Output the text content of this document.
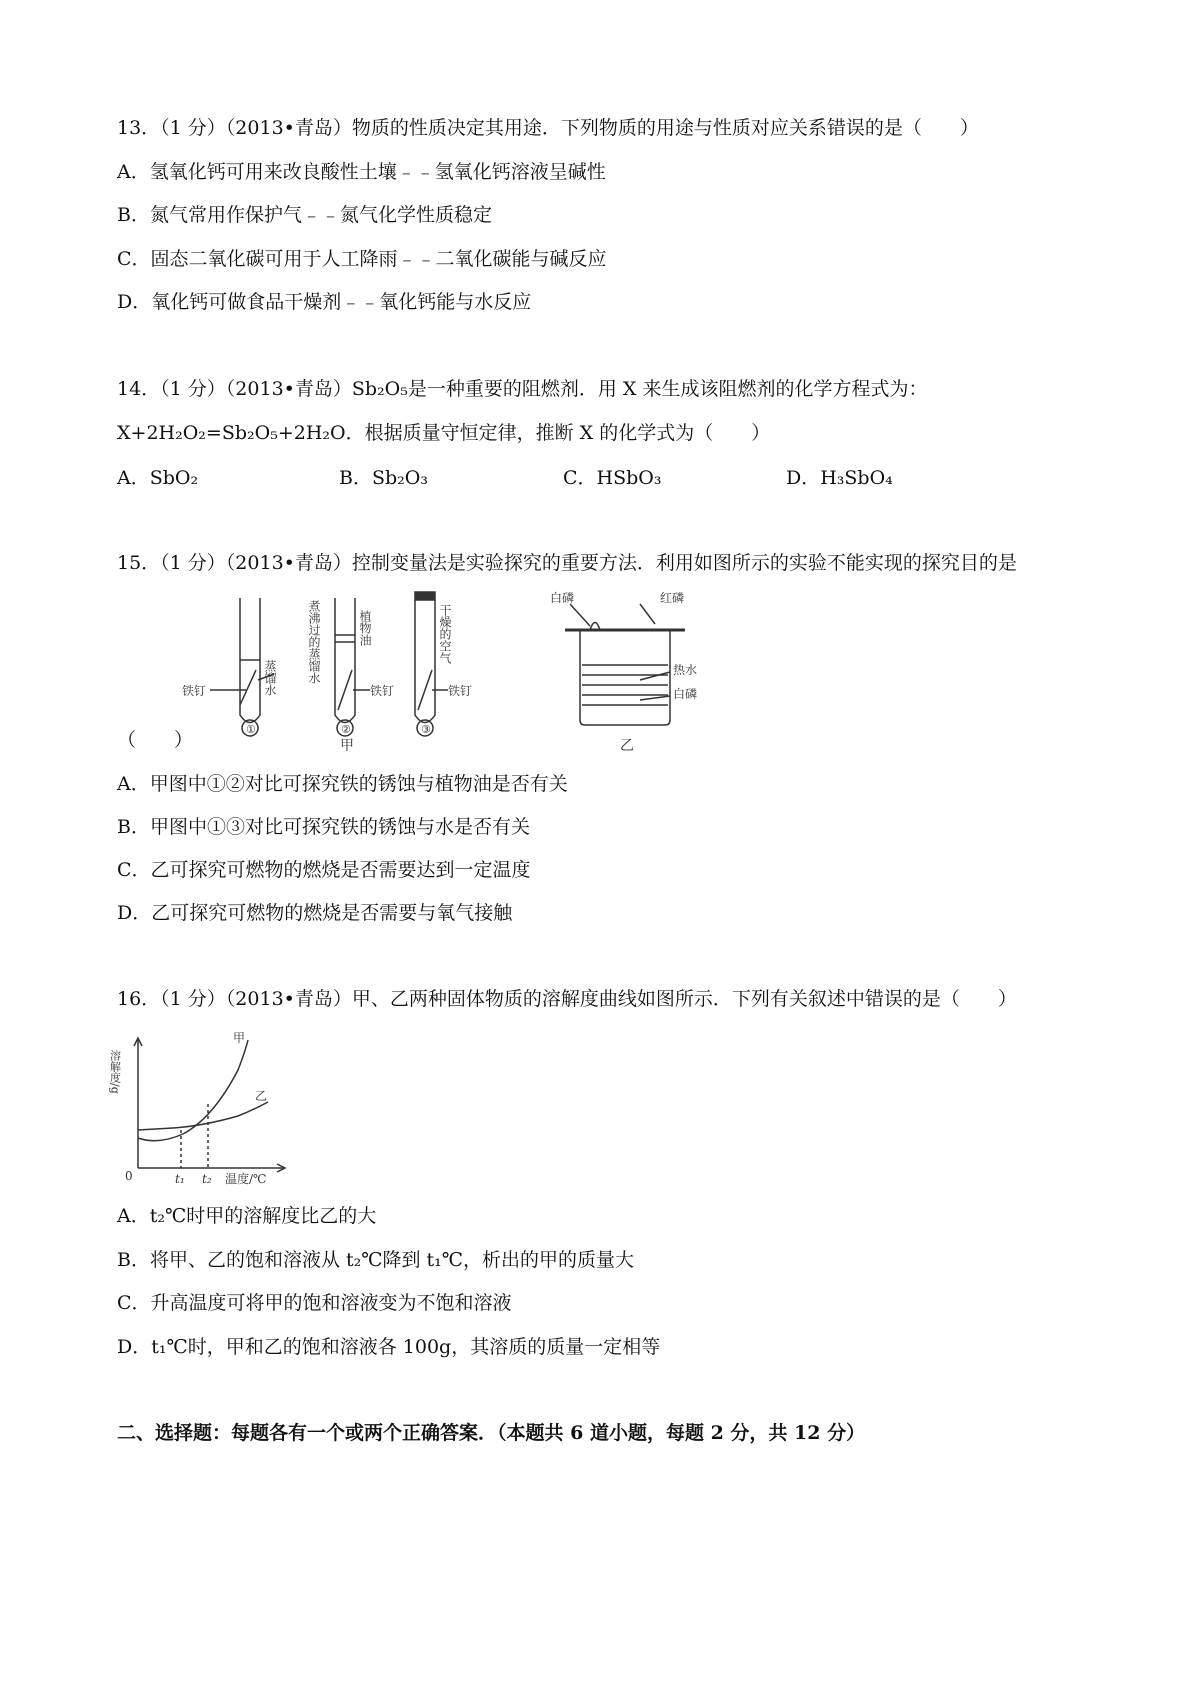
13．（1 分）（2013•青岛）物质的性质决定其用途．下列物质的用途与性质对应关系错误的是（　　）
A．氢氧化钙可用来改良酸性土壤﹣﹣氢氧化钙溶液呈碱性
B．氮气常用作保护气﹣﹣氮气化学性质稳定
C．固态二氧化碳可用于人工降雨﹣﹣二氧化碳能与碱反应
D．氧化钙可做食品干燥剂﹣﹣氧化钙能与水反应
14．（1 分）（2013•青岛）Sb₂O₅是一种重要的阻燃剂．用 X 来生成该阻燃剂的化学方程式为：
X+2H₂O₂=Sb₂O₅+2H₂O．根据质量守恒定律，推断 X 的化学式为（　　）
A．SbO₂	B．Sb₂O₃	C．HSbO₃	D．H₃SbO₄
15．（1 分）（2013•青岛）控制变量法是实验探究的重要方法．利用如图所示的实验不能实现的探究目的是
铁钉	蒸馏水
①
煮沸过的蒸馏水	植物油
铁钉
②
干燥的空气
铁钉
③
甲
白磷	红磷
热水
白磷
乙
（　　）
A．甲图中①②对比可探究铁的锈蚀与植物油是否有关
B．甲图中①③对比可探究铁的锈蚀与水是否有关
C．乙可探究可燃物的燃烧是否需要达到一定温度
D．乙可探究可燃物的燃烧是否需要与氧气接触
16．（1 分）（2013•青岛）甲、乙两种固体物质的溶解度曲线如图所示．下列有关叙述中错误的是（　　）
溶解度/g
0	t₁ t₂ 温度/℃
甲
乙
A．t₂℃时甲的溶解度比乙的大
B．将甲、乙的饱和溶液从 t₂℃降到 t₁℃，析出的甲的质量大
C．升高温度可将甲的饱和溶液变为不饱和溶液
D．t₁℃时，甲和乙的饱和溶液各 100g，其溶质的质量一定相等
二、选择题：每题各有一个或两个正确答案．（本题共 6 道小题，每题 2 分，共 12 分）
